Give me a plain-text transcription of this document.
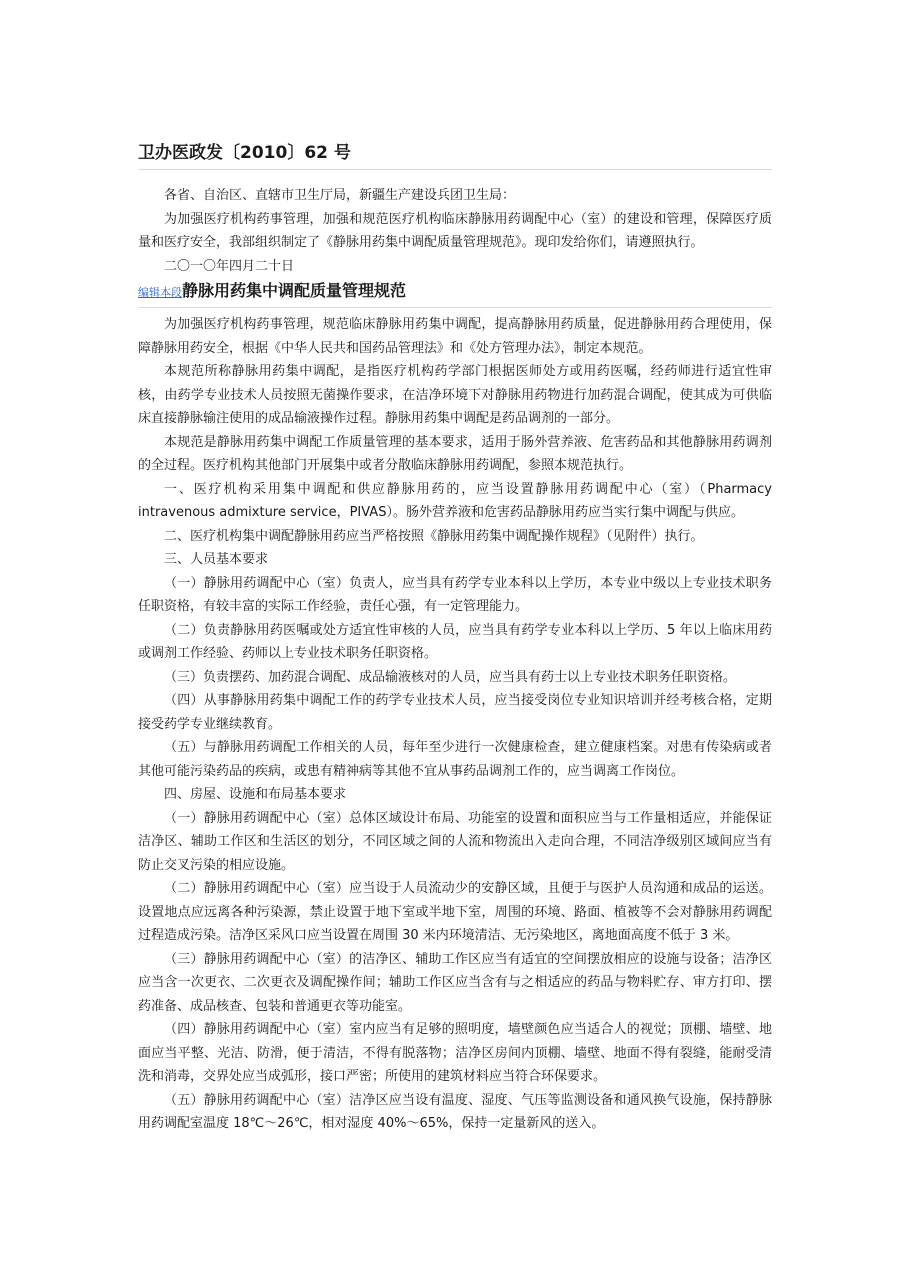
卫办医政发〔2010〕62 号

各省、自治区、直辖市卫生厅局，新疆生产建设兵团卫生局：

为加强医疗机构药事管理，加强和规范医疗机构临床静脉用药调配中心（室）的建设和管理，保障医疗质量和医疗安全，我部组织制定了《静脉用药集中调配质量管理规范》。现印发给你们，请遵照执行。

二〇一〇年四月二十日

编辑本段 静脉用药集中调配质量管理规范

为加强医疗机构药事管理，规范临床静脉用药集中调配，提高静脉用药质量，促进静脉用药合理使用，保障静脉用药安全，根据《中华人民共和国药品管理法》和《处方管理办法》，制定本规范。

本规范所称静脉用药集中调配，是指医疗机构药学部门根据医师处方或用药医嘱，经药师进行适宜性审核，由药学专业技术人员按照无菌操作要求，在洁净环境下对静脉用药物进行加药混合调配，使其成为可供临床直接静脉输注使用的成品输液操作过程。静脉用药集中调配是药品调剂的一部分。

本规范是静脉用药集中调配工作质量管理的基本要求，适用于肠外营养液、危害药品和其他静脉用药调剂的全过程。医疗机构其他部门开展集中或者分散临床静脉用药调配，参照本规范执行。

一、医疗机构采用集中调配和供应静脉用药的，应当设置静脉用药调配中心（室）（Pharmacy intravenous admixture service，PIVAS）。肠外营养液和危害药品静脉用药应当实行集中调配与供应。

二、医疗机构集中调配静脉用药应当严格按照《静脉用药集中调配操作规程》（见附件）执行。

三、人员基本要求

（一）静脉用药调配中心（室）负责人，应当具有药学专业本科以上学历，本专业中级以上专业技术职务任职资格，有较丰富的实际工作经验，责任心强，有一定管理能力。

（二）负责静脉用药医嘱或处方适宜性审核的人员，应当具有药学专业本科以上学历、5 年以上临床用药或调剂工作经验、药师以上专业技术职务任职资格。

（三）负责摆药、加药混合调配、成品输液核对的人员，应当具有药士以上专业技术职务任职资格。

（四）从事静脉用药集中调配工作的药学专业技术人员，应当接受岗位专业知识培训并经考核合格，定期接受药学专业继续教育。

（五）与静脉用药调配工作相关的人员，每年至少进行一次健康检查，建立健康档案。对患有传染病或者其他可能污染药品的疾病，或患有精神病等其他不宜从事药品调剂工作的，应当调离工作岗位。

四、房屋、设施和布局基本要求

（一）静脉用药调配中心（室）总体区域设计布局、功能室的设置和面积应当与工作量相适应，并能保证洁净区、辅助工作区和生活区的划分，不同区域之间的人流和物流出入走向合理，不同洁净级别区域间应当有防止交叉污染的相应设施。

（二）静脉用药调配中心（室）应当设于人员流动少的安静区域，且便于与医护人员沟通和成品的运送。设置地点应远离各种污染源，禁止设置于地下室或半地下室，周围的环境、路面、植被等不会对静脉用药调配过程造成污染。洁净区采风口应当设置在周围 30 米内环境清洁、无污染地区，离地面高度不低于 3 米。

（三）静脉用药调配中心（室）的洁净区、辅助工作区应当有适宜的空间摆放相应的设施与设备；洁净区应当含一次更衣、二次更衣及调配操作间；辅助工作区应当含有与之相适应的药品与物料贮存、审方打印、摆药准备、成品核查、包装和普通更衣等功能室。

（四）静脉用药调配中心（室）室内应当有足够的照明度，墙壁颜色应当适合人的视觉；顶棚、墙壁、地面应当平整、光洁、防滑，便于清洁，不得有脱落物；洁净区房间内顶棚、墙壁、地面不得有裂缝，能耐受清洗和消毒，交界处应当成弧形，接口严密；所使用的建筑材料应当符合环保要求。

（五）静脉用药调配中心（室）洁净区应当设有温度、湿度、气压等监测设备和通风换气设施，保持静脉用药调配室温度 18℃～26℃，相对湿度 40%～65%，保持一定量新风的送入。
